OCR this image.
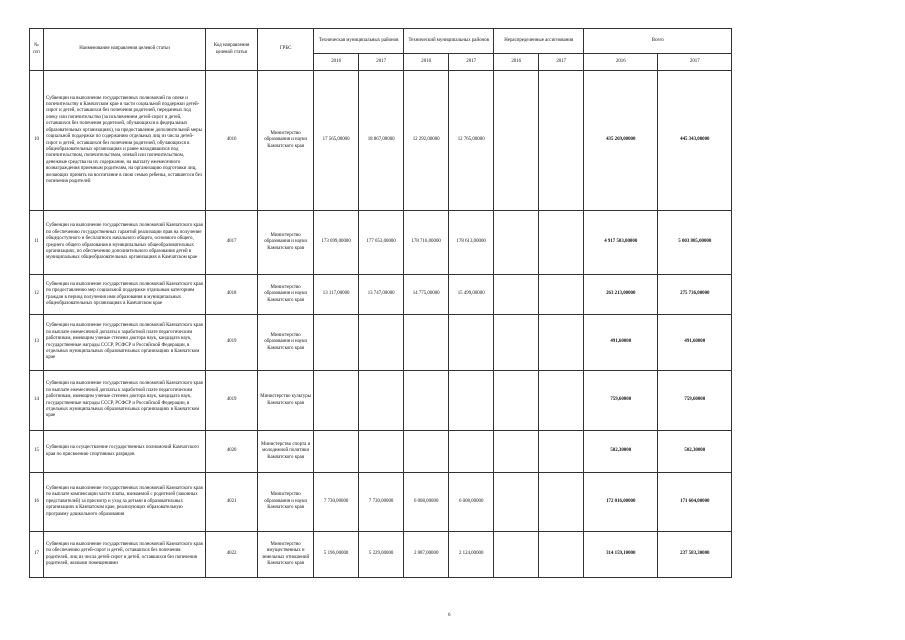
№ п/п	Наименование направления целевой статьи	Код направления целевой статьи	ГРБС	Техническая муниципальных районов		Технический муниципальных районов		Нераспределенные ассигнования		Всего		
				2016	2017	2016	2017	2016	2017	2016	2017	
10	Субвенции на выполнение государственных полномочий по опеке и попечительству в Камчатском крае в части социальной поддержки детей-сирот и детей, оставшихся без попечения родителей, переданных под опеку или попечительство (за исключением детей-сирот и детей, оставшихся без попечения родителей, обучающихся в федеральных образовательных организациях), на предоставление дополнительной меры социальной поддержки по содержанию отдельных лиц из числа детей-сирот и детей, оставшихся без попечения родителей, обучающихся в общеобразовательных организациях и ранее находившихся под попечительством, попечительством, опекой или попечительством, денежные средства на их содержание, на выплату ежемесячного вознаграждения приемным родителям, на организацию подготовки лиц, желающих принять на воспитание в свою семью ребенка, оставшегося без попечения родителей	4016	Министерство образования и науки Камчатского края	17 565,00000	18 867,00000	12 292,00000	12 765,00000			435 269,00000	445 343,00000	
11	Субвенции на выполнение государственных полномочий Камчатского края по обеспечению государственных гарантий реализации прав на получение общедоступного и бесплатного начального общего, основного общего, среднего общего образования в муниципальных общеобразовательных организациях, по обеспечению дополнительного образования детей в муниципальных общеобразовательных организациях в Камчатском крае	4017	Министерство образования и науки Камчатского края	173 699,00000	177 053,00000	178 716,00000	178 613,00000			4 917 503,00000	5 003 805,00000	
12	Субвенции на выполнение государственных полномочий Камчатского края по предоставлению мер социальной поддержки отдельным категориям граждан в период получения ими образования в муниципальных общеобразовательных организациях в Камчатском крае	4018	Министерство образования и науки Камчатского края	13 117,00000	13 747,00000	14 775,00000	15 499,00000			263 213,00000	275 736,00000	
13	Субвенции на выполнение государственных полномочий Камчатского края по выплате ежемесячной доплаты к заработной плате педагогическим работникам, имеющим ученые степени доктора наук, кандидата наук, государственные награды СССР, РСФСР и Российской Федерации, в отдельных муниципальных образовательных организациях в Камчатском крае	4019	Министерство образования и науки Камчатского края							491,60000	491,60000	
14	Субвенции на выполнение государственных полномочий Камчатского края по выплате ежемесячной доплаты к заработной плате педагогическим работникам, имеющим ученые степени доктора наук, кандидата наук, государственные награды СССР, РСФСР и Российской Федерации, в отдельных муниципальных образовательных организациях в Камчатском крае	4019	Министерство культуры Камчатского края							759,60000	759,60000	
15	Субвенции на осуществление государственных полномочий Камчатского края по присвоению спортивных разрядов	4020	Министерство спорта и молодежной политики Камчатского края							502,30000	502,30000	
16	Субвенции на выполнение государственных полномочий Камчатского края по выплате компенсации части платы, взимаемой с родителей (законных представителей) за присмотр и уход за детьми в образовательных организациях в Камчатском крае, реализующих образовательную программу дошкольного образования	4021	Министерство образования и науки Камчатского края	7 730,00000	7 730,00000	6 008,00000	6 008,00000			172 016,00000	171 604,00000	
17	Субвенции на выполнение государственных полномочий Камчатского края по обеспечению детей-сирот и детей, оставшихся без попечения родителей, лиц из числа детей-сирот и детей, оставшихся без попечения родителей, жилыми помещениями	4022	Министерство имущественных и земельных отношений Камчатского края	5 196,00000	5 229,00000	2 087,00000	2 124,00000			314 159,10000	237 583,30000	
6
